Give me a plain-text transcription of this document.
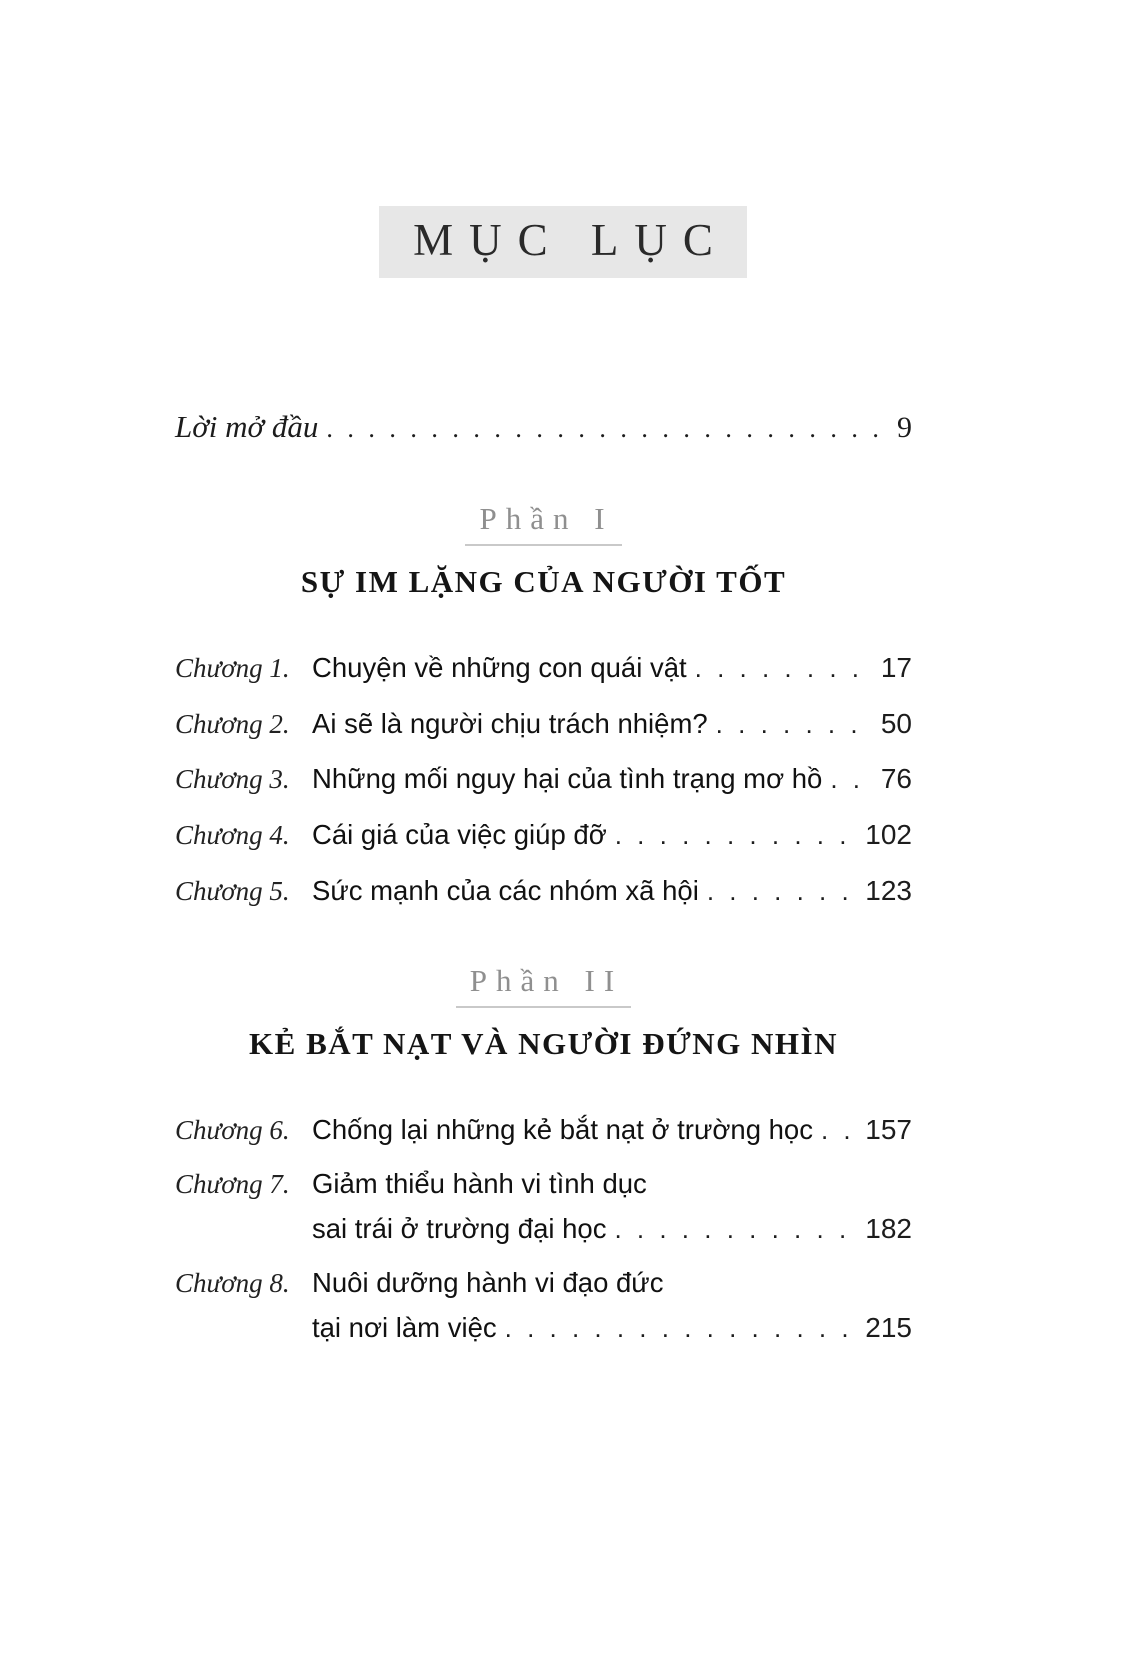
MỤC LỤC
Lời mở đầu . . .	9
Phần I
SỰ IM LẶNG CỦA NGƯỜI TỐT
Chương 1. Chuyện về những con quái vật . . .	17
Chương 2. Ai sẽ là người chịu trách nhiệm? . . .	50
Chương 3. Những mối nguy hại của tình trạng mơ hồ . . . 76
Chương 4. Cái giá của việc giúp đỡ . . .	102
Chương 5. Sức mạnh của các nhóm xã hội . . .	123
Phần II
KẺ BẮT NẠT VÀ NGƯỜI ĐỨNG NHÌN
Chương 6. Chống lại những kẻ bắt nạt ở trường học . . . 157
Chương 7. Giảm thiểu hành vi tình dục
sai trái ở trường đại học . . .	182
Chương 8. Nuôi dưỡng hành vi đạo đức
tại nơi làm việc . . .	215
